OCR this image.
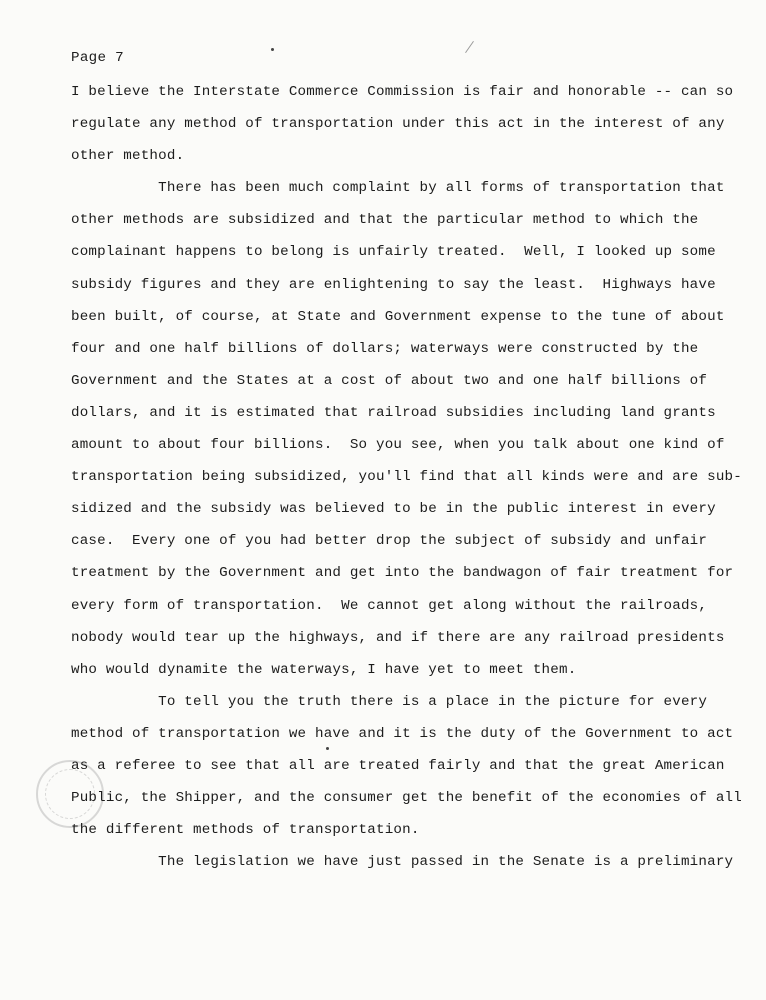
Page 7
I believe the Interstate Commerce Commission is fair and honorable -- can so
regulate any method of transportation under this act in the interest of any
other method.
There has been much complaint by all forms of transportation that
other methods are subsidized and that the particular method to which the
complainant happens to belong is unfairly treated.  Well, I looked up some
subsidy figures and they are enlightening to say the least.  Highways have
been built, of course, at State and Government expense to the tune of about
four and one half billions of dollars; waterways were constructed by the
Government and the States at a cost of about two and one half billions of
dollars, and it is estimated that railroad subsidies including land grants
amount to about four billions.  So you see, when you talk about one kind of
transportation being subsidized, you'll find that all kinds were and are sub-
sidized and the subsidy was believed to be in the public interest in every
case.  Every one of you had better drop the subject of subsidy and unfair
treatment by the Government and get into the bandwagon of fair treatment for
every form of transportation.  We cannot get along without the railroads,
nobody would tear up the highways, and if there are any railroad presidents
who would dynamite the waterways, I have yet to meet them.
To tell you the truth there is a place in the picture for every
method of transportation we have and it is the duty of the Government to act
as a referee to see that all are treated fairly and that the great American
Public, the Shipper, and the consumer get the benefit of the economies of all
the different methods of transportation.
The legislation we have just passed in the Senate is a preliminary
